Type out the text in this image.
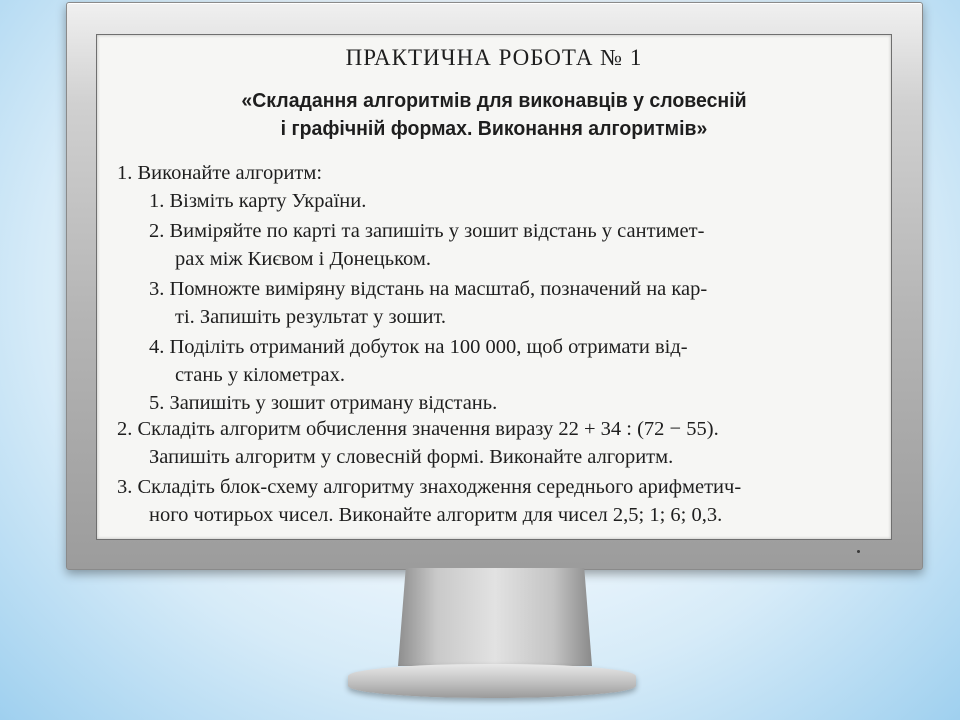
ПРАКТИЧНА РОБОТА № 1
«Складання алгоритмів для виконавців у словесній
і графічній формах. Виконання алгоритмів»
1. Виконайте алгоритм:
1. Візміть карту України.
2. Виміряйте по карті та запишіть у зошит відстань у сантимет-
рах між Києвом і Донецьком.
3. Помножте виміряну відстань на масштаб, позначений на кар-
ті. Запишіть результат у зошит.
4. Поділіть отриманий добуток на 100 000, щоб отримати від-
стань у кілометрах.
5. Запишіть у зошит отриману відстань.
2. Складіть алгоритм обчислення значення виразу 22 + 34 : (72 − 55).
Запишіть алгоритм у словесній формі. Виконайте алгоритм.
3. Складіть блок-схему алгоритму знаходження середнього арифметич-
ного чотирьох чисел. Виконайте алгоритм для чисел 2,5; 1; 6; 0,3.
